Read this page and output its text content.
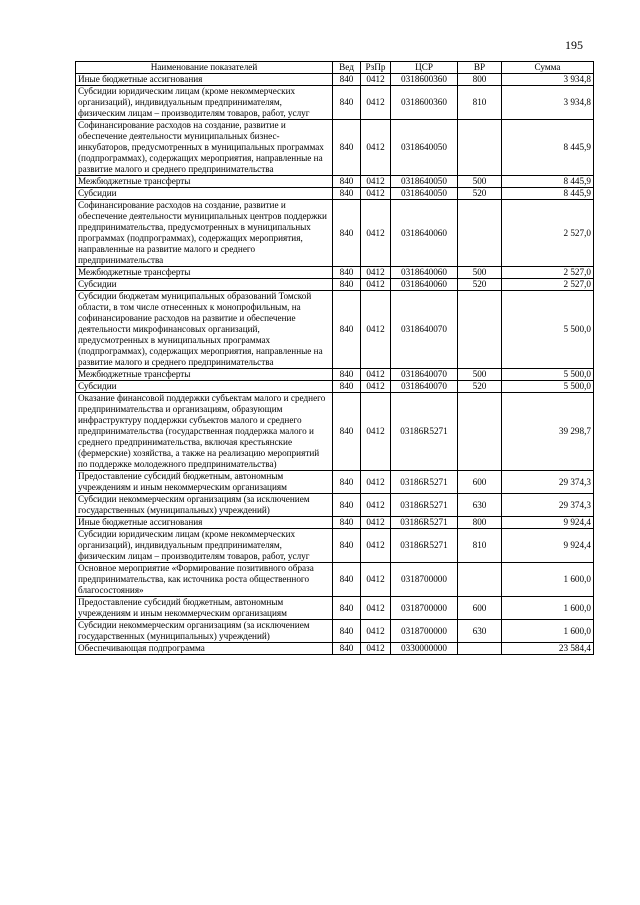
195
Наименование показателей	Вед	РзПр	ЦСР	ВР	Сумма
Иные бюджетные ассигнования	840	0412	0318600360	800	3 934,8
Субсидии юридическим лицам (кроме некоммерческих организаций), индивидуальным предпринимателям, физическим лицам – производителям товаров, работ, услуг	840	0412	0318600360	810	3 934,8
Софинансирование расходов на создание, развитие и обеспечение деятельности муниципальных бизнес-инкубаторов, предусмотренных в муниципальных программах (подпрограммах), содержащих мероприятия, направленные на развитие малого и среднего предпринимательства	840	0412	0318640050		8 445,9
Межбюджетные трансферты	840	0412	0318640050	500	8 445,9
Субсидии	840	0412	0318640050	520	8 445,9
Софинансирование расходов на создание, развитие и обеспечение деятельности муниципальных центров поддержки предпринимательства, предусмотренных в муниципальных программах (подпрограммах), содержащих мероприятия, направленные на развитие малого и среднего предпринимательства	840	0412	0318640060		2 527,0
Межбюджетные трансферты	840	0412	0318640060	500	2 527,0
Субсидии	840	0412	0318640060	520	2 527,0
Субсидии бюджетам муниципальных образований Томской области, в том числе отнесенных к монопрофильным, на софинансирование расходов на развитие и обеспечение деятельности микрофинансовых организаций, предусмотренных в муниципальных программах (подпрограммах), содержащих мероприятия, направленные на развитие малого и среднего предпринимательства	840	0412	0318640070		5 500,0
Межбюджетные трансферты	840	0412	0318640070	500	5 500,0
Субсидии	840	0412	0318640070	520	5 500,0
Оказание финансовой поддержки субъектам малого и среднего предпринимательства и организациям, образующим инфраструктуру поддержки субъектов малого и среднего предпринимательства (государственная поддержка малого и среднего предпринимательства, включая крестьянские (фермерские) хозяйства, а также на реализацию мероприятий по поддержке молодежного предпринимательства)	840	0412	03186R5271		39 298,7
Предоставление субсидий бюджетным, автономным учреждениям и иным некоммерческим организациям	840	0412	03186R5271	600	29 374,3
Субсидии некоммерческим организациям (за исключением государственных (муниципальных) учреждений)	840	0412	03186R5271	630	29 374,3
Иные бюджетные ассигнования	840	0412	03186R5271	800	9 924,4
Субсидии юридическим лицам (кроме некоммерческих организаций), индивидуальным предпринимателям, физическим лицам – производителям товаров, работ, услуг	840	0412	03186R5271	810	9 924,4
Основное мероприятие «Формирование позитивного образа предпринимательства, как источника роста общественного благосостояния»	840	0412	0318700000		1 600,0
Предоставление субсидий бюджетным, автономным учреждениям и иным некоммерческим организациям	840	0412	0318700000	600	1 600,0
Субсидии некоммерческим организациям (за исключением государственных (муниципальных) учреждений)	840	0412	0318700000	630	1 600,0
Обеспечивающая подпрограмма	840	0412	0330000000		23 584,4
